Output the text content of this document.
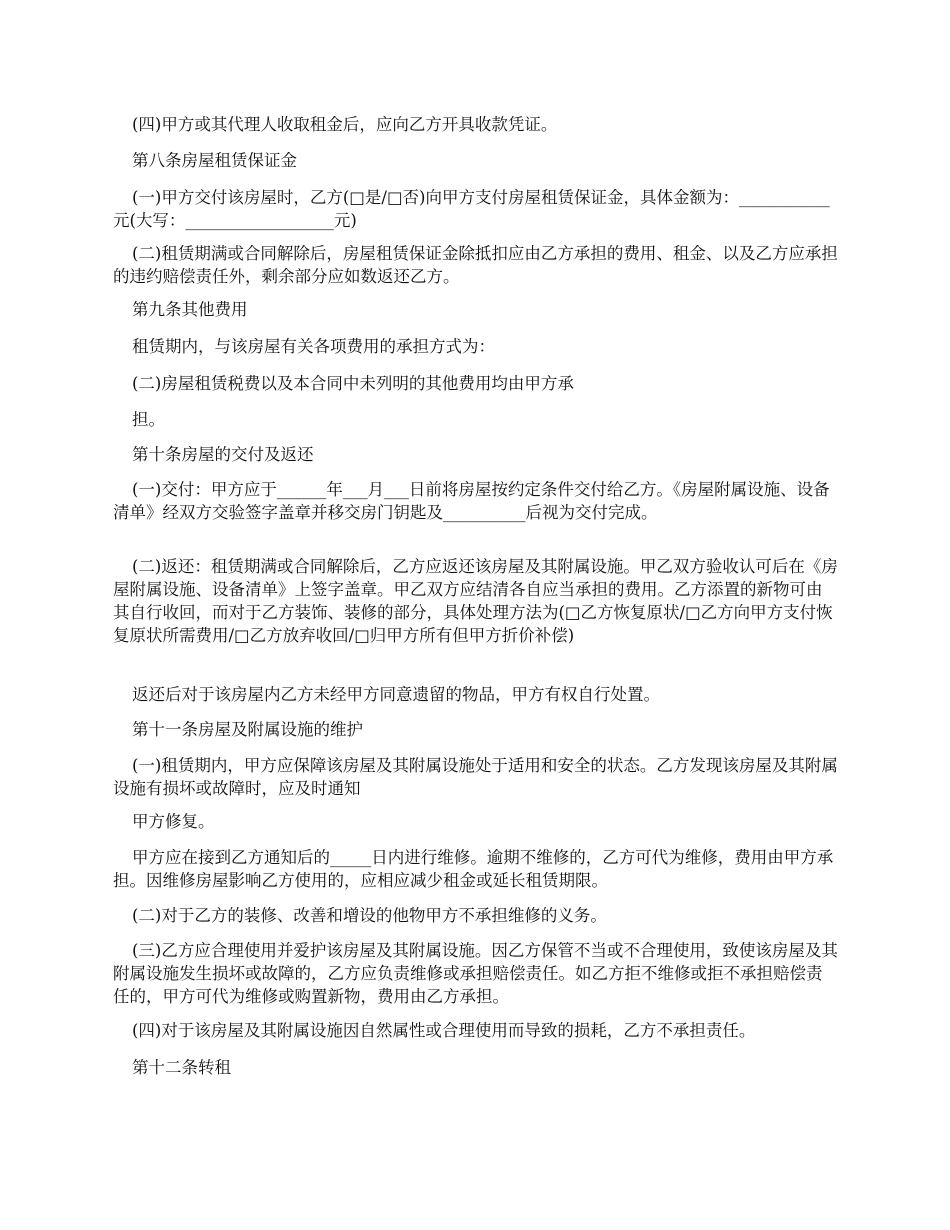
(四)甲方或其代理人收取租金后，应向乙方开具收款凭证。

第八条房屋租赁保证金

(一)甲方交付该房屋时，乙方(□是/□否)向甲方支付房屋租赁保证金，具体金额为：___________元(大写：__________________元)

(二)租赁期满或合同解除后，房屋租赁保证金除抵扣应由乙方承担的费用、租金、以及乙方应承担的违约赔偿责任外，剩余部分应如数返还乙方。

第九条其他费用

租赁期内，与该房屋有关各项费用的承担方式为：

(二)房屋租赁税费以及本合同中未列明的其他费用均由甲方承

担。

第十条房屋的交付及返还

(一)交付：甲方应于______年___月___日前将房屋按约定条件交付给乙方。《房屋附属设施、设备清单》经双方交验签字盖章并移交房门钥匙及__________后视为交付完成。

(二)返还：租赁期满或合同解除后，乙方应返还该房屋及其附属设施。甲乙双方验收认可后在《房屋附属设施、设备清单》上签字盖章。甲乙双方应结清各自应当承担的费用。乙方添置的新物可由其自行收回，而对于乙方装饰、装修的部分，具体处理方法为(□乙方恢复原状/□乙方向甲方支付恢复原状所需费用/□乙方放弃收回/□归甲方所有但甲方折价补偿)

返还后对于该房屋内乙方未经甲方同意遗留的物品，甲方有权自行处置。

第十一条房屋及附属设施的维护

(一)租赁期内，甲方应保障该房屋及其附属设施处于适用和安全的状态。乙方发现该房屋及其附属设施有损坏或故障时，应及时通知

甲方修复。

甲方应在接到乙方通知后的_____日内进行维修。逾期不维修的，乙方可代为维修，费用由甲方承担。因维修房屋影响乙方使用的，应相应减少租金或延长租赁期限。

(二)对于乙方的装修、改善和增设的他物甲方不承担维修的义务。

(三)乙方应合理使用并爱护该房屋及其附属设施。因乙方保管不当或不合理使用，致使该房屋及其附属设施发生损坏或故障的，乙方应负责维修或承担赔偿责任。如乙方拒不维修或拒不承担赔偿责任的，甲方可代为维修或购置新物，费用由乙方承担。

(四)对于该房屋及其附属设施因自然属性或合理使用而导致的损耗，乙方不承担责任。

第十二条转租
